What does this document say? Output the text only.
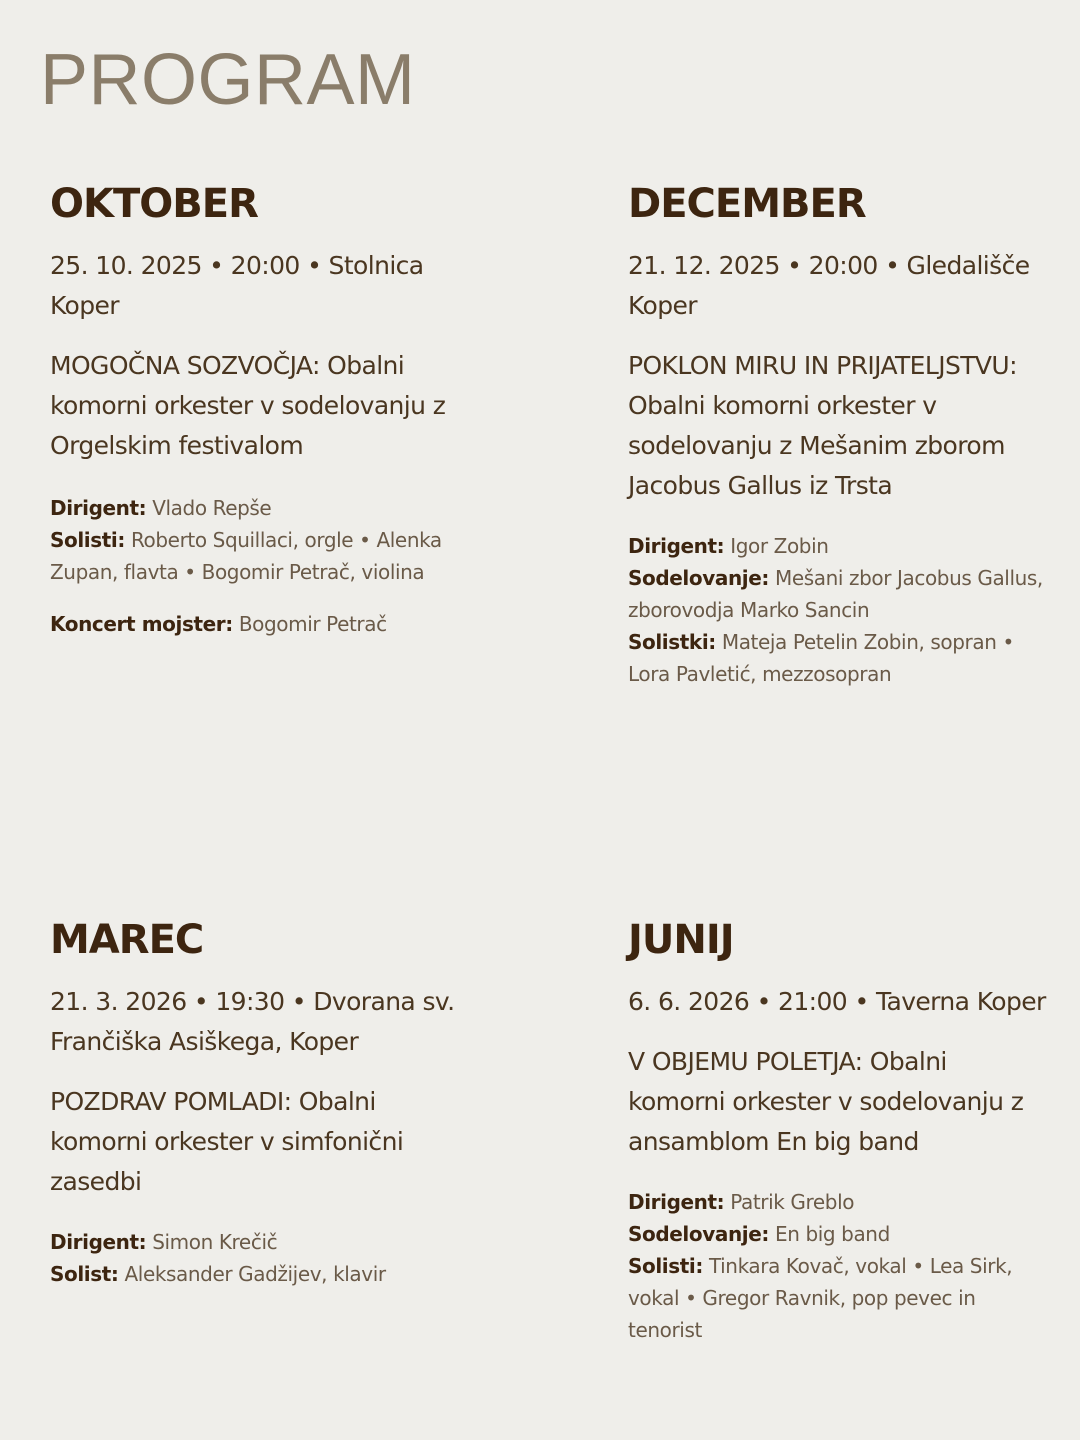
PROGRAM
OKTOBER

25. 10. 2025 • 20:00 • Stolnica Koper

MOGOČNA SOZVOČJA: Obalni komorni orkester v sodelovanju z Orgelskim festivalom

Dirigent: Vlado Repše

Solisti: Roberto Squillaci, orgle • Alenka Zupan, flavta • Bogomir Petrač, violina

Koncert mojster: Bogomir Petrač

DECEMBER

21. 12. 2025 • 20:00 • Gledališče Koper

POKLON MIRU IN PRIJATELJSTVU: Obalni komorni orkester v sodelovanju z Mešanim zborom Jacobus Gallus iz Trsta

Dirigent: Igor Zobin

Sodelovanje: Mešani zbor Jacobus Gallus, zborovodja Marko Sancin

Solistki: Mateja Petelin Zobin, sopran • Lora Pavletić, mezzosopran

MAREC

21. 3. 2026 • 19:30 • Dvorana sv. Frančiška Asiškega, Koper

POZDRAV POMLADI: Obalni komorni orkester v simfonični zasedbi

Dirigent: Simon Krečič

Solist: Aleksander Gadžijev, klavir

JUNIJ

6. 6. 2026 • 21:00 • Taverna Koper

V OBJEMU POLETJA: Obalni komorni orkester v sodelovanju z ansamblom En big band

Dirigent: Patrik Greblo

Sodelovanje: En big band

Solisti: Tinkara Kovač, vokal • Lea Sirk, vokal • Gregor Ravnik, pop pevec in tenorist
